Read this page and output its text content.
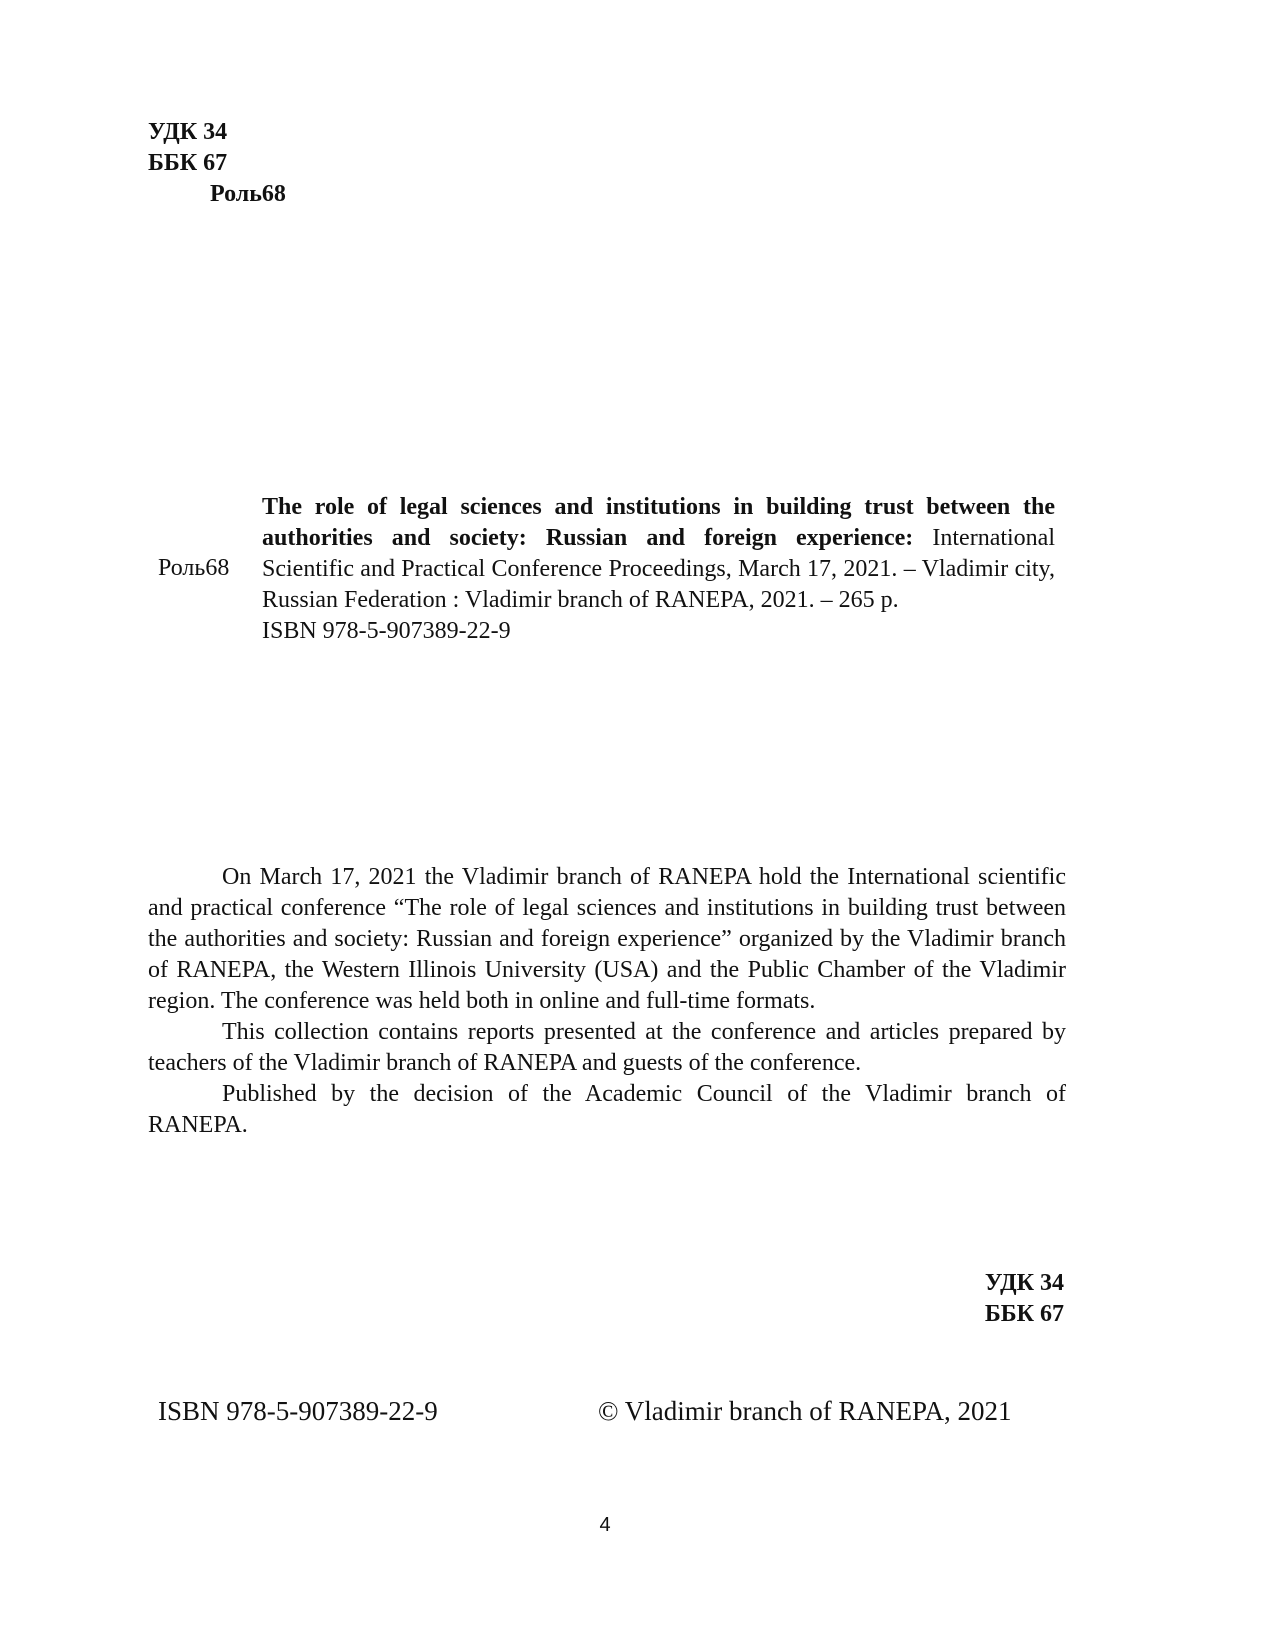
УДК 34
ББК 67
Роль68
Роль68
The role of legal sciences and institutions in building trust between the authorities and society: Russian and foreign experience: International Scientific and Practical Conference Proceedings, March 17, 2021. – Vladimir city, Russian Federation : Vladimir branch of RANEPA, 2021. – 265 p.
ISBN 978-5-907389-22-9

On March 17, 2021 the Vladimir branch of RANEPA hold the International scientific and practical conference “The role of legal sciences and institutions in building trust between the authorities and society: Russian and foreign experience” organized by the Vladimir branch of RANEPA, the Western Illinois University (USA) and the Public Chamber of the Vladimir region. The conference was held both in online and full-time formats.

This collection contains reports presented at the conference and articles prepared by teachers of the Vladimir branch of RANEPA and guests of the conference.

Published by the decision of the Academic Council of the Vladimir branch of RANEPA.

УДК 34
ББК 67
ISBN 978-5-907389-22-9	© Vladimir branch of RANEPA, 2021
4
